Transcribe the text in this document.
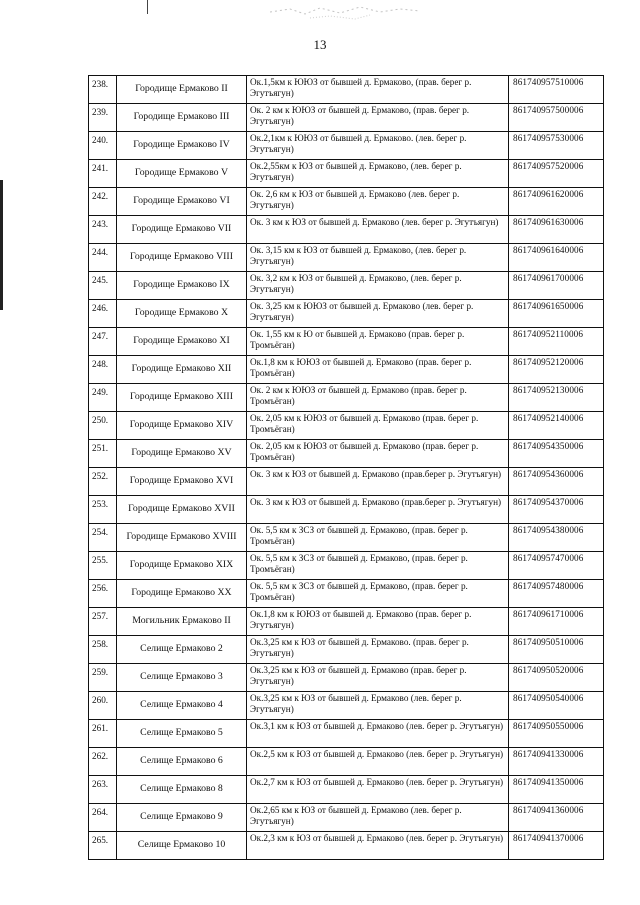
13
238.	Городище Ермаково II	Ок.1,5км к ЮЮЗ от бывшей д. Ермаково, (прав. берег р. Эгутъягун)	861740957510006
239.	Городище Ермаково III	Ок. 2 км к ЮЮЗ от бывшей д. Ермаково, (прав. берег р. Эгутъягун)	861740957500006
240.	Городище Ермаково IV	Ок.2,1км к ЮЮЗ от бывшей д. Ермаково. (лев. берег р. Эгутъягун)	861740957530006
241.	Городище Ермаково V	Ок.2,55км к ЮЗ от бывшей д. Ермаково, (лев. берег р. Эгутъягун)	861740957520006
242.	Городище Ермаково VI	Ок. 2,6 км к ЮЗ от бывшей д. Ермаково (лев. берег р. Эгутъягун)	861740961620006
243.	Городище Ермаково VII	Ок. 3 км к ЮЗ от бывшей д. Ермаково (лев. берег р. Эгутъягун)	861740961630006
244.	Городище Ермаково VIII	Ок. 3,15 км к ЮЗ от бывшей д. Ермаково, (лев. берег р. Эгутъягун)	861740961640006
245.	Городище Ермаково IX	Ок. 3,2 км к ЮЗ от бывшей д. Ермаково, (лев. берег р. Эгутъягун)	861740961700006
246.	Городище Ермаково X	Ок. 3,25 км к ЮЮЗ от бывшей д. Ермаково (лев. берег р. Эгутъягун)	861740961650006
247.	Городище Ермаково XI	Ок. 1,55 км к Ю от бывшей д. Ермаково (прав. берег р. Тромъёган)	861740952110006
248.	Городище Ермаково XII	Ок.1,8 км к ЮЮЗ от бывшей д. Ермаково (прав. берег р. Тромъёган)	861740952120006
249.	Городище Ермаково XIII	Ок. 2 км к ЮЮЗ от бывшей д. Ермаково (прав. берег р. Тромъёган)	861740952130006
250.	Городище Ермаково XIV	Ок. 2,05 км к ЮЮЗ от бывшей д. Ермаково (прав. берег р. Тромъёган)	861740952140006
251.	Городище Ермаково XV	Ок. 2,05 км к ЮЮЗ от бывшей д. Ермаково (прав. берег р. Тромъёган)	861740954350006
252.	Городище Ермаково XVI	Ок. 3 км к ЮЗ от бывшей д. Ермаково (прав.берег р. Эгутъягун)	861740954360006
253.	Городище Ермаково XVII	Ок. 3 км к ЮЗ от бывшей д. Ермаково (прав.берег р. Эгутъягун)	861740954370006
254.	Городище Ермаково XVIII	Ок. 5,5 км к ЗСЗ от бывшей д. Ермаково, (прав. берег р. Тромъёган)	861740954380006
255.	Городище Ермаково XIX	Ок. 5,5 км к ЗСЗ от бывшей д. Ермаково, (прав. берег р. Тромъёган)	861740957470006
256.	Городище Ермаково XX	Ок. 5,5 км к ЗСЗ от бывшей д. Ермаково, (прав. берег р. Тромъёган)	861740957480006
257.	Могильник Ермаково II	Ок.1,8 км к ЮЮЗ от бывшей д. Ермаково (прав. берег р. Эгутъягун)	861740961710006
258.	Селище Ермаково 2	Ок.3,25 км к ЮЗ от бывшей д. Ермаково. (прав. берег р. Эгутъягун)	861740950510006
259.	Селище Ермаково 3	Ок.3,25 км к ЮЗ от бывшей д. Ермаково (прав. берег р. Эгутъягун)	861740950520006
260.	Селище Ермаково 4	Ок.3,25 км к ЮЗ от бывшей д. Ермаково (лев. берег р. Эгутъягун)	861740950540006
261.	Селище Ермаково 5	Ок.3,1 км к ЮЗ от бывшей д. Ермаково (лев. берег р. Эгутъягун)	861740950550006
262.	Селище Ермаково 6	Ок.2,5 км к ЮЗ от бывшей д. Ермаково (лев. берег р. Эгутъягун)	861740941330006
263.	Селище Ермаково 8	Ок.2,7 км к ЮЗ от бывшей д. Ермаково (лев. берег р. Эгутъягун)	861740941350006
264.	Селище Ермаково 9	Ок.2,65 км к ЮЗ от бывшей д. Ермаково (лев. берег р. Эгутъягун)	861740941360006
265.	Селище Ермаково 10	Ок.2,3 км к ЮЗ от бывшей д. Ермаково (лев. берег р. Эгутъягун)	861740941370006
